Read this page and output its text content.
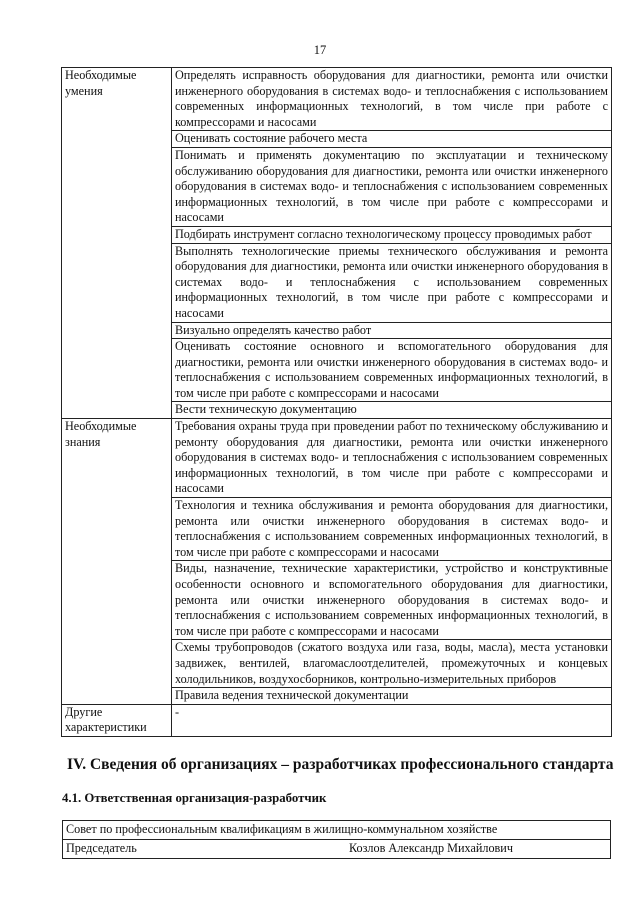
17
Необходимые умения	Определять исправность оборудования для диагностики, ремонта или очистки инженерного оборудования в системах водо- и теплоснабжения с использованием современных информационных технологий, в том числе при работе с компрессорами и насосами
	Оценивать состояние рабочего места
	Понимать и применять документацию по эксплуатации и техническому обслуживанию оборудования для диагностики, ремонта или очистки инженерного оборудования в системах водо- и теплоснабжения с использованием современных информационных технологий, в том числе при работе с компрессорами и насосами
	Подбирать инструмент согласно технологическому процессу проводимых работ
	Выполнять технологические приемы технического обслуживания и ремонта оборудования для диагностики, ремонта или очистки инженерного оборудования в системах водо- и теплоснабжения с использованием современных информационных технологий, в том числе при работе с компрессорами и насосами
	Визуально определять качество работ
	Оценивать состояние основного и вспомогательного оборудования для диагностики, ремонта или очистки инженерного оборудования в системах водо- и теплоснабжения с использованием современных информационных технологий, в том числе при работе с компрессорами и насосами
	Вести техническую документацию
Необходимые знания	Требования охраны труда при проведении работ по техническому обслуживанию и ремонту оборудования для диагностики, ремонта или очистки инженерного оборудования в системах водо- и теплоснабжения с использованием современных информационных технологий, в том числе при работе с компрессорами и насосами
	Технология и техника обслуживания и ремонта оборудования для диагностики, ремонта или очистки инженерного оборудования в системах водо- и теплоснабжения с использованием современных информационных технологий, в том числе при работе с компрессорами и насосами
	Виды, назначение, технические характеристики, устройство и конструктивные особенности основного и вспомогательного оборудования для диагностики, ремонта или очистки инженерного оборудования в системах водо- и теплоснабжения с использованием современных информационных технологий, в том числе при работе с компрессорами и насосами
	Схемы трубопроводов (сжатого воздуха или газа, воды, масла), места установки задвижек, вентилей, влагомаслоотделителей, промежуточных и концевых холодильников, воздухосборников, контрольно-измерительных приборов
	Правила ведения технической документации
Другие характеристики	-
IV. Сведения об организациях – разработчиках профессионального стандарта
4.1. Ответственная организация-разработчик
Совет по профессиональным квалификациям в жилищно-коммунальном хозяйстве

Председатель	Козлов Александр Михайлович
